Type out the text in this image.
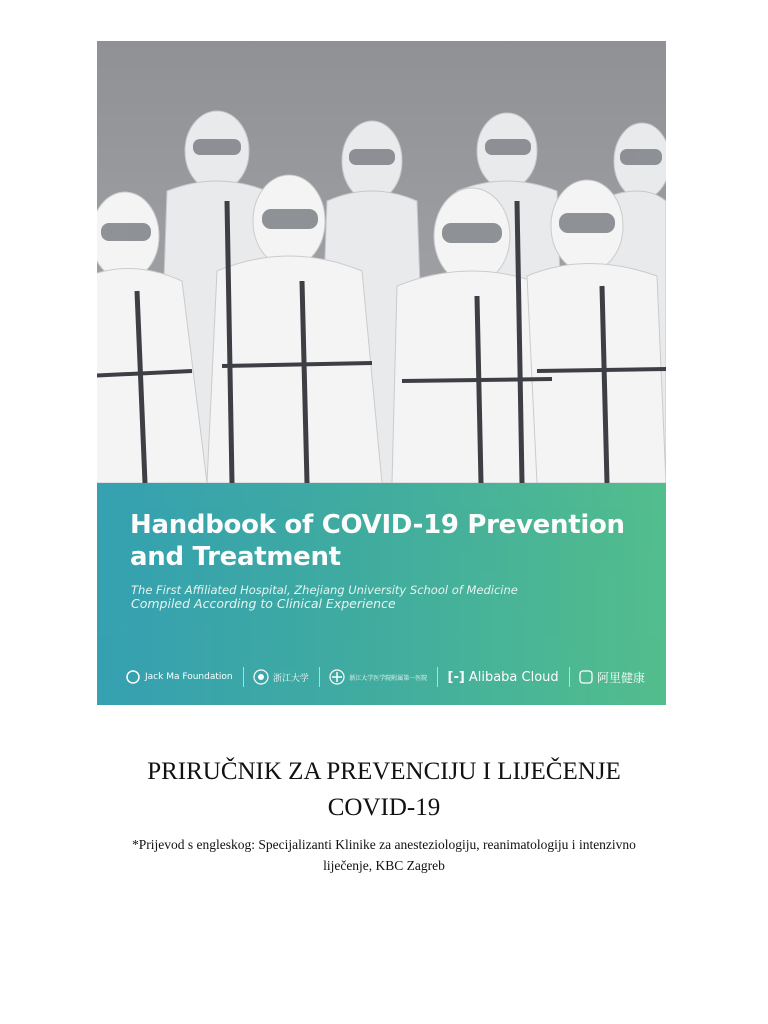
Handbook of COVID-19 Prevention and Treatment
The First Affiliated Hospital, Zhejiang University School of Medicine
Compiled According to Clinical Experience
Jack Ma Foundation	浙江大学	浙江大学医学院附属第一医院 [-] Alibaba Cloud	阿里健康
PRIRUČNIK ZA PREVENCIJU I LIJEČENJE
COVID-19
*Prijevod s engleskog: Specijalizanti Klinike za anesteziologiju, reanimatologiju i intenzivno
liječenje, KBC Zagreb
